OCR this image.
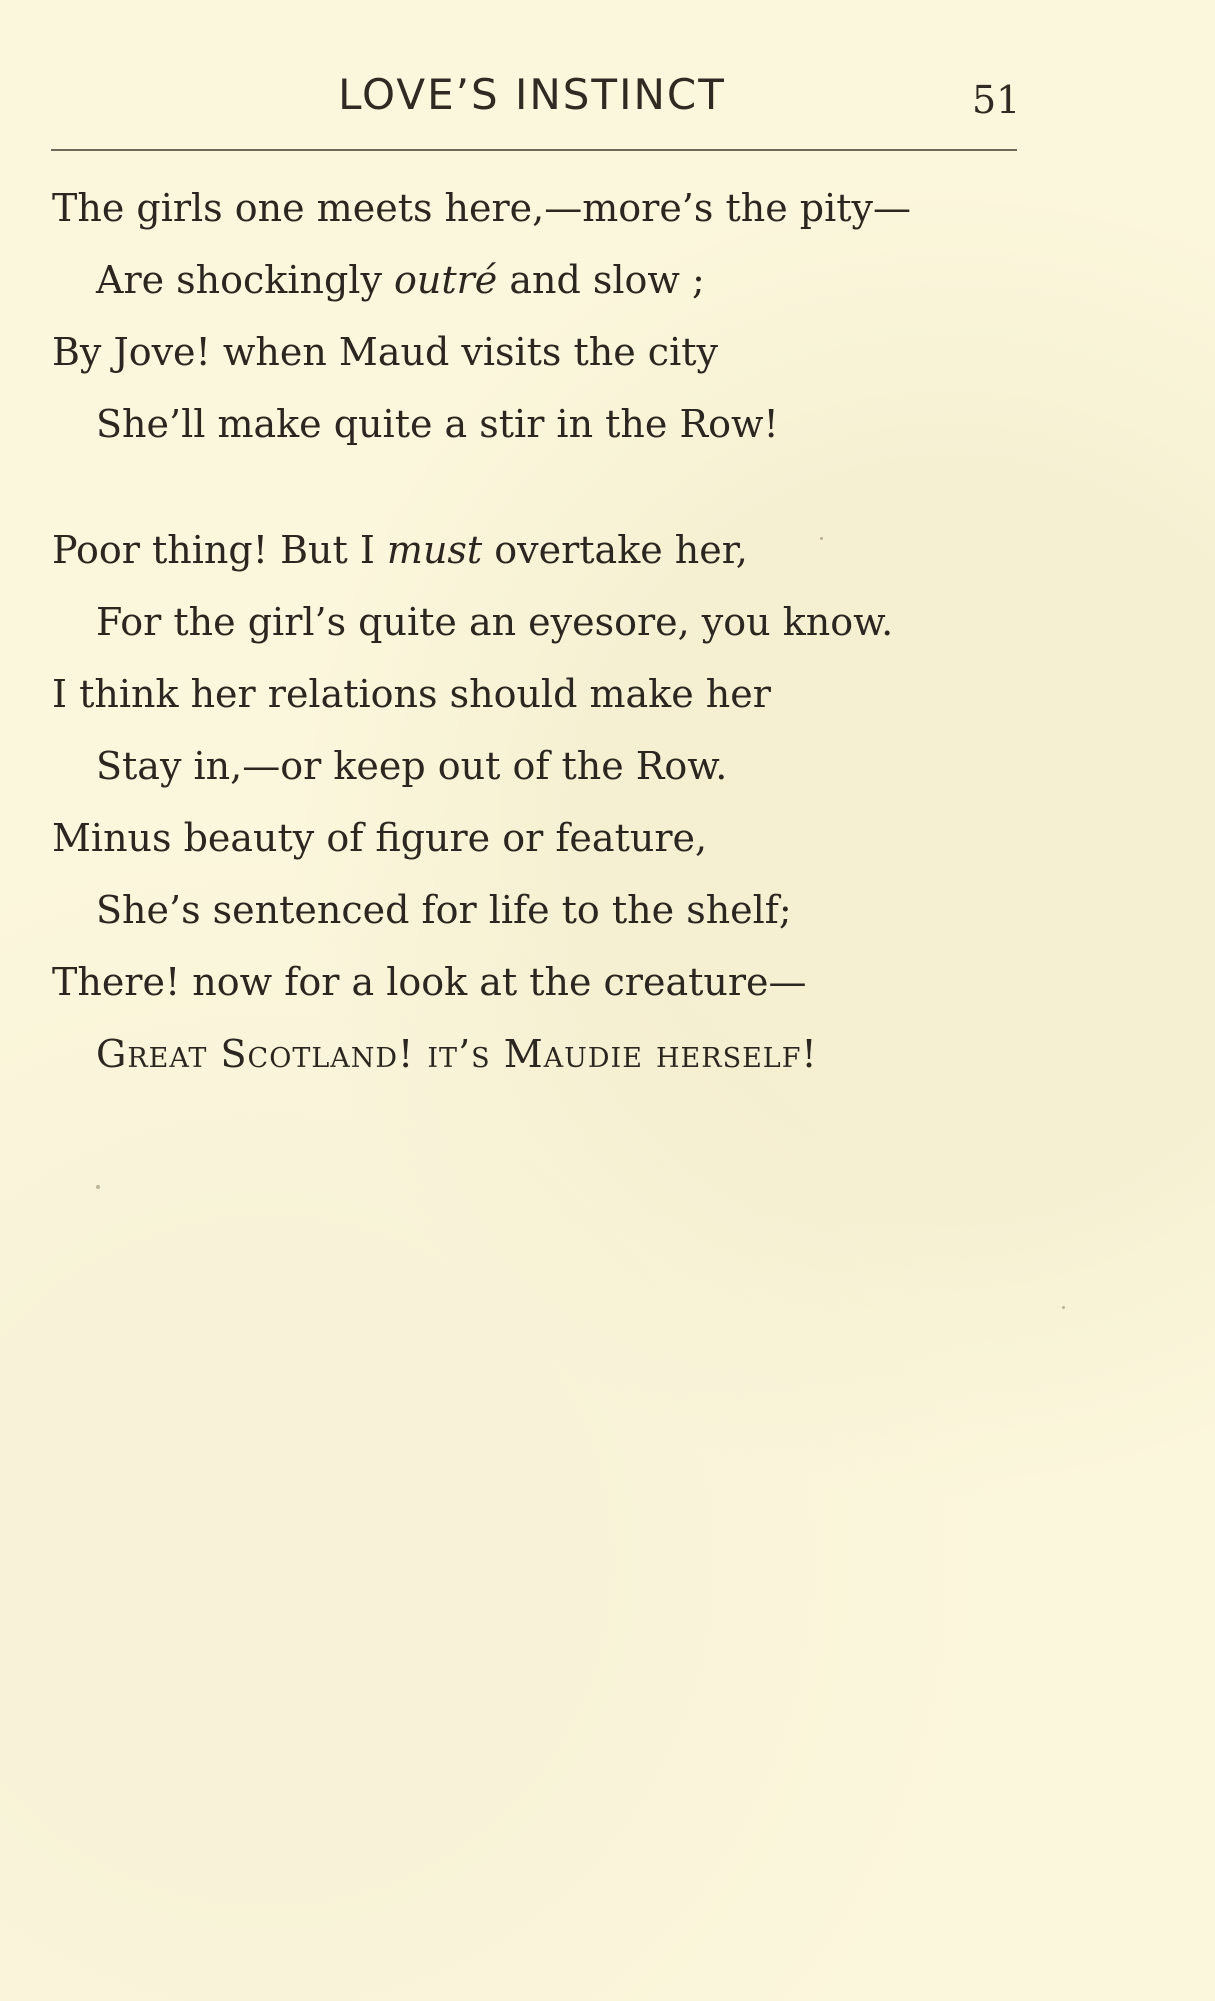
LOVE’S INSTINCT	51
The girls one meets here,—more’s the pity—
Are shockingly outré and slow ;
By Jove! when Maud visits the city
She’ll make quite a stir in the Row!
Poor thing! But I must overtake her,
For the girl’s quite an eyesore, you know.
I think her relations should make her
Stay in,—or keep out of the Row.
Minus beauty of figure or feature,
She’s sentenced for life to the shelf;
There! now for a look at the creature—
Great Scotland! it’s Maudie herself!
